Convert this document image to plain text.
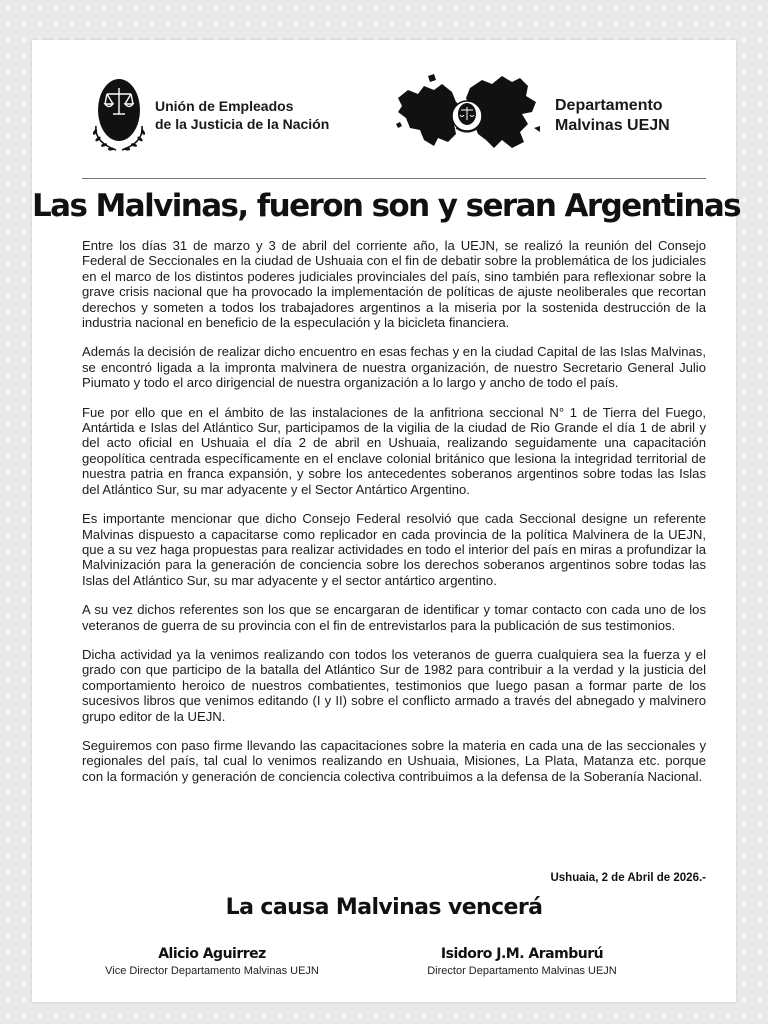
Unión de Empleados
de la Justicia de la Nación
Departamento
Malvinas UEJN
Las Malvinas, fueron son y seran Argentinas

Entre los días 31 de marzo y 3 de abril del corriente año, la UEJN, se realizó la reunión del Consejo Federal de Seccionales en la ciudad de Ushuaia con el fin de debatir sobre la problemática de los judiciales en el marco de los distintos poderes judiciales provinciales del país, sino también para reflexionar sobre la grave crisis nacional que ha provocado la implementación de políticas de ajuste neoliberales que recortan derechos y someten a todos los trabajadores argentinos a la miseria por la sostenida destrucción de la industria nacional en beneficio de la especulación y la bicicleta financiera.

Además la decisión de realizar dicho encuentro en esas fechas y en la ciudad Capital de las Islas Malvinas, se encontró ligada a la impronta malvinera de nuestra organización, de nuestro Secretario General Julio Piumato y todo el arco dirigencial de nuestra organización a lo largo y ancho de todo el país.

Fue por ello que en el ámbito de las instalaciones de la anfitriona seccional N° 1 de Tierra del Fuego, Antártida e Islas del Atlántico Sur, participamos de la vigilia de la ciudad de Rio Grande el día 1 de abril y del acto oficial en Ushuaia el día 2 de abril en Ushuaia, realizando seguidamente una capacitación geopolítica centrada específicamente en el enclave colonial británico que lesiona la integridad territorial de nuestra patria en franca expansión, y sobre los antecedentes soberanos argentinos sobre todas las Islas del Atlántico Sur, su mar adyacente y el Sector Antártico Argentino.

Es importante mencionar que dicho Consejo Federal resolvió que cada Seccional designe un referente Malvinas dispuesto a capacitarse como replicador en cada provincia de la política Malvinera de la UEJN, que a su vez haga propuestas para realizar actividades en todo el interior del país en miras a profundizar la Malvinización para la generación de conciencia sobre los derechos soberanos argentinos sobre todas las Islas del Atlántico Sur, su mar adyacente y el sector antártico argentino.

A su vez dichos referentes son los que se encargaran de identificar y tomar contacto con cada uno de los veteranos de guerra de su provincia con el fin de entrevistarlos para la publicación de sus testimonios.

Dicha actividad ya la venimos realizando con todos los veteranos de guerra cualquiera sea la fuerza y el grado con que participo de la batalla del Atlántico Sur de 1982 para contribuir a la verdad y la justicia del comportamiento heroico de nuestros combatientes, testimonios que luego pasan a formar parte de los sucesivos libros que venimos editando (I y II) sobre el conflicto armado a través del abnegado y malvinero grupo editor de la UEJN.

Seguiremos con paso firme llevando las capacitaciones sobre la materia en cada una de las seccionales y regionales del país, tal cual lo venimos realizando en Ushuaia, Misiones, La Plata, Matanza etc. porque con la formación y generación de conciencia colectiva contribuimos a la defensa de la Soberanía Nacional.

Ushuaia, 2 de Abril de 2026.-
La causa Malvinas vencerá
Alicio Aguirrez
Vice Director Departamento Malvinas UEJN
Isidoro J.M. Aramburú
Director Departamento Malvinas UEJN
